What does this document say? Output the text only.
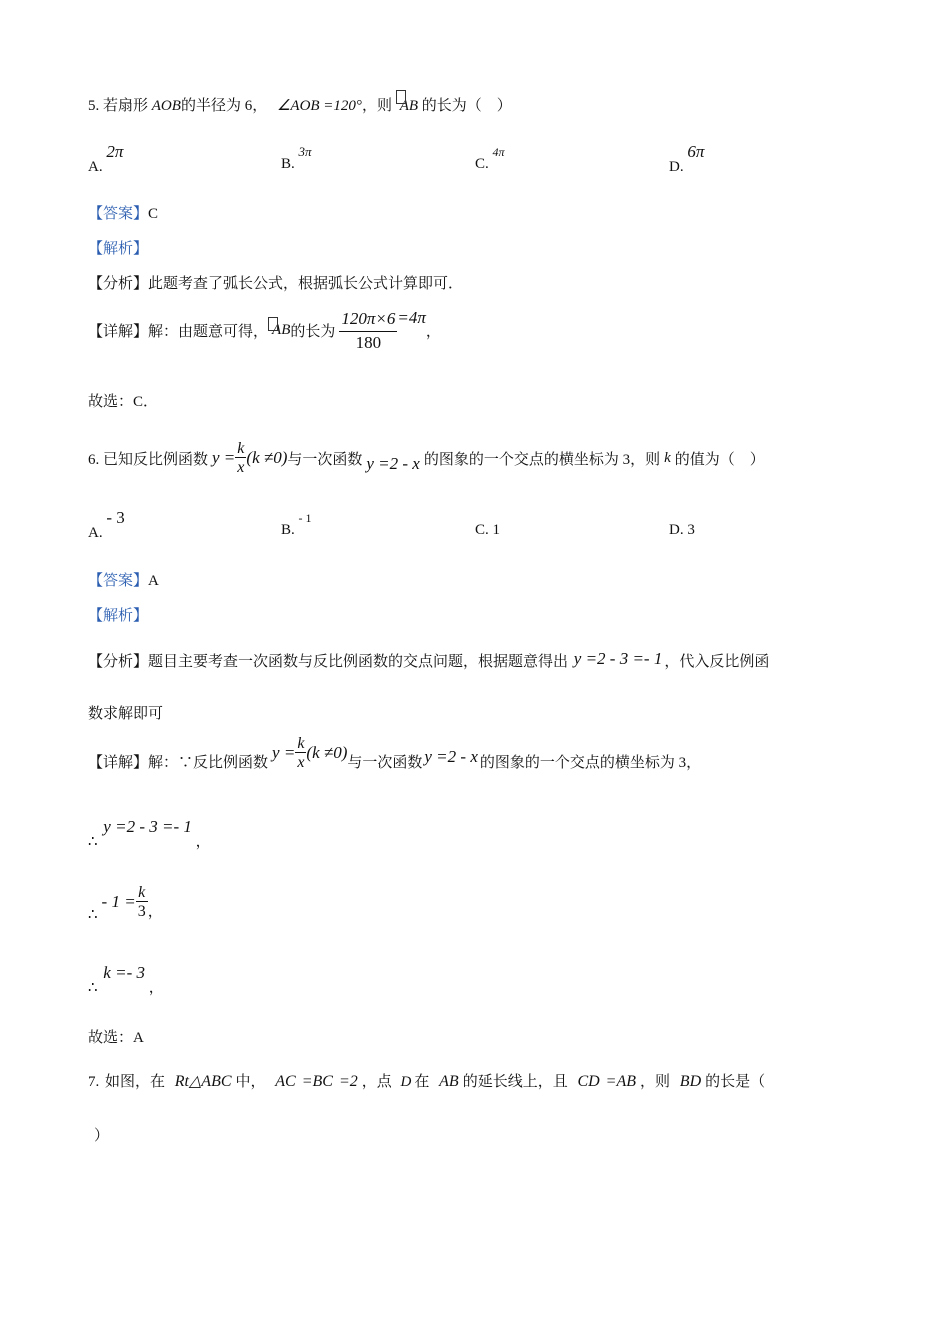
5. 若扇形 AOB的半径为 6， ∠AOB =120°，则 AB 的长为（　）
A. 2π
B. 3π
C. $^{4\pi}$
D. 6π
【答案】C
【解析】
【分析】此题考查了弧长公式，根据弧长公式计算即可．
【详解】 解：由题意可得， AB 的长为 $\frac{120\pi\times 6}{180} =4\pi$
，
故选：C．
6. 已知反比例函数 $y = \frac{k}{x} (k \ne 0)$ 与一次函数 y =2 - x 的图象的一个交点的横坐标为 3，则 k 的值为（　）
A. - 3
B. $^{- 1}$
C. 1	D. 3
【答案】A
【解析】
【分析】题目主要考查一次函数与反比例函数的交点问题，根据题意得出 y =2 - 3 =- 1 ，代入反比例函
数求解即可
【详解】 解：∵反比例函数
$y = \frac{k}{x} (k \ne 0)$
与一次函数 y =2 - x 的图象的一个交点的横坐标为 3，
∴ y =2 - 3 =- 1 ，
∴
- $1 = \frac{k}{3}$ ，
∴ k =- 3 ，
故选：A
7. 如图，在 Rt△ABC 中， AC =BC =2 ，点 D 在 AB 的延长线上，且 CD =AB ，则 BD 的长是（
）
